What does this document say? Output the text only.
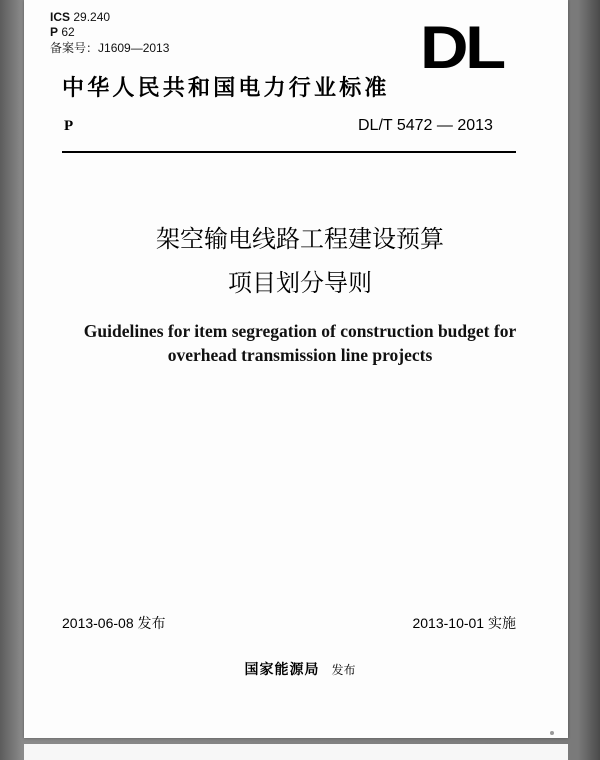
ICS 29.240
P 62
备案号：J1609—2013	DL
中华人民共和国电力行业标准
P	DL/T 5472 — 2013
架空输电线路工程建设预算
项目划分导则
Guidelines for item segregation of construction budget for
overhead transmission line projects
2013-06-08 发布	2013-10-01 实施
国家能源局 发布
